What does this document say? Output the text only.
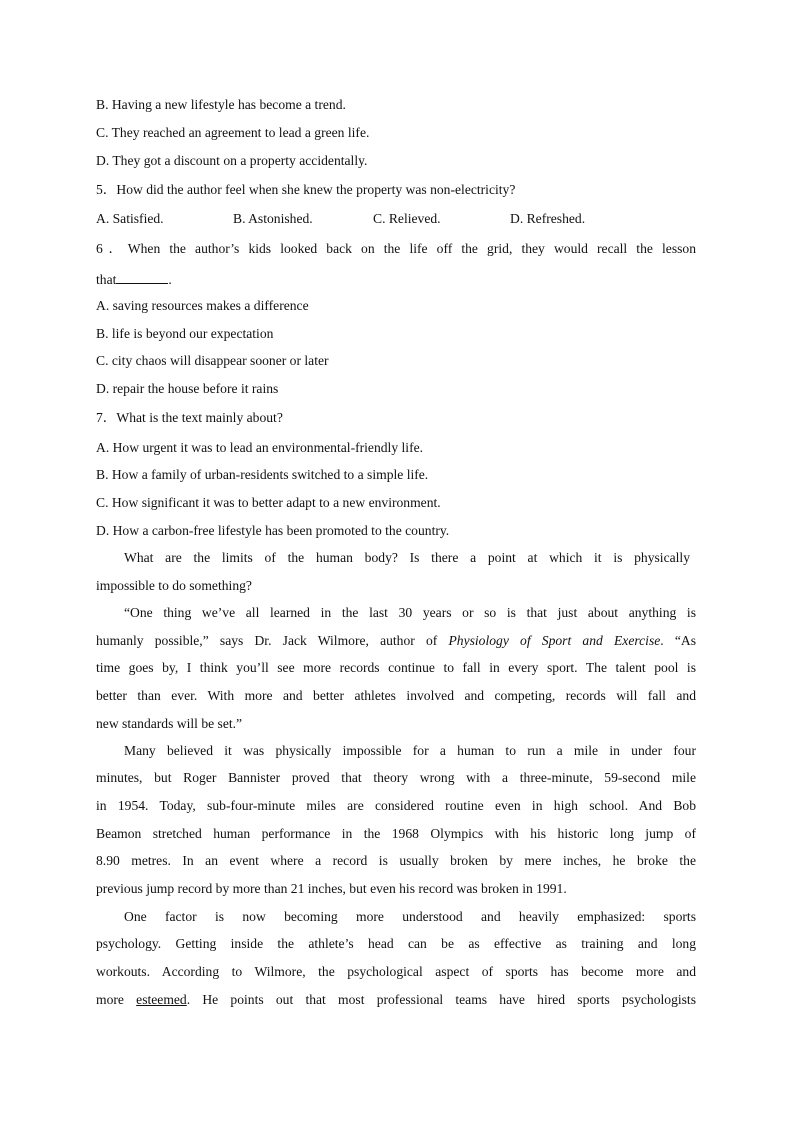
B. Having a new lifestyle has become a trend.
C. They reached an agreement to lead a green life.
D. They got a discount on a property accidentally.
5．How did the author feel when she knew the property was non-electricity?
A. Satisfied.	B. Astonished.	C. Relieved.	D. Refreshed.
6．When the author’s kids looked back on the life off the grid, they would recall the lesson
that	.
A. saving resources makes a difference
B. life is beyond our expectation
C. city chaos will disappear sooner or later
D. repair the house before it rains
7．What is the text mainly about?
A. How urgent it was to lead an environmental-friendly life.
B. How a family of urban-residents switched to a simple life.
C. How significant it was to better adapt to a new environment.
D. How a carbon-free lifestyle has been promoted to the country.
What are the limits of the human body? Is there a point at which it is physically
impossible to do something?
“One thing we’ve all learned in the last 30 years or so is that just about anything is
humanly possible,” says Dr. Jack Wilmore, author of Physiology of Sport and Exercise. “As
time goes by, I think you’ll see more records continue to fall in every sport. The talent pool is
better than ever. With more and better athletes involved and competing, records will fall and
new standards will be set.”
Many believed it was physically impossible for a human to run a mile in under four
minutes, but Roger Bannister proved that theory wrong with a three-minute, 59-second mile
in 1954. Today, sub-four-minute miles are considered routine even in high school. And Bob
Beamon stretched human performance in the 1968 Olympics with his historic long jump of
8.90 metres. In an event where a record is usually broken by mere inches, he broke the
previous jump record by more than 21 inches, but even his record was broken in 1991.
One factor is now becoming more understood and heavily emphasized: sports
psychology. Getting inside the athlete’s head can be as effective as training and long
workouts. According to Wilmore, the psychological aspect of sports has become more and
more esteemed. He points out that most professional teams have hired sports psychologists
